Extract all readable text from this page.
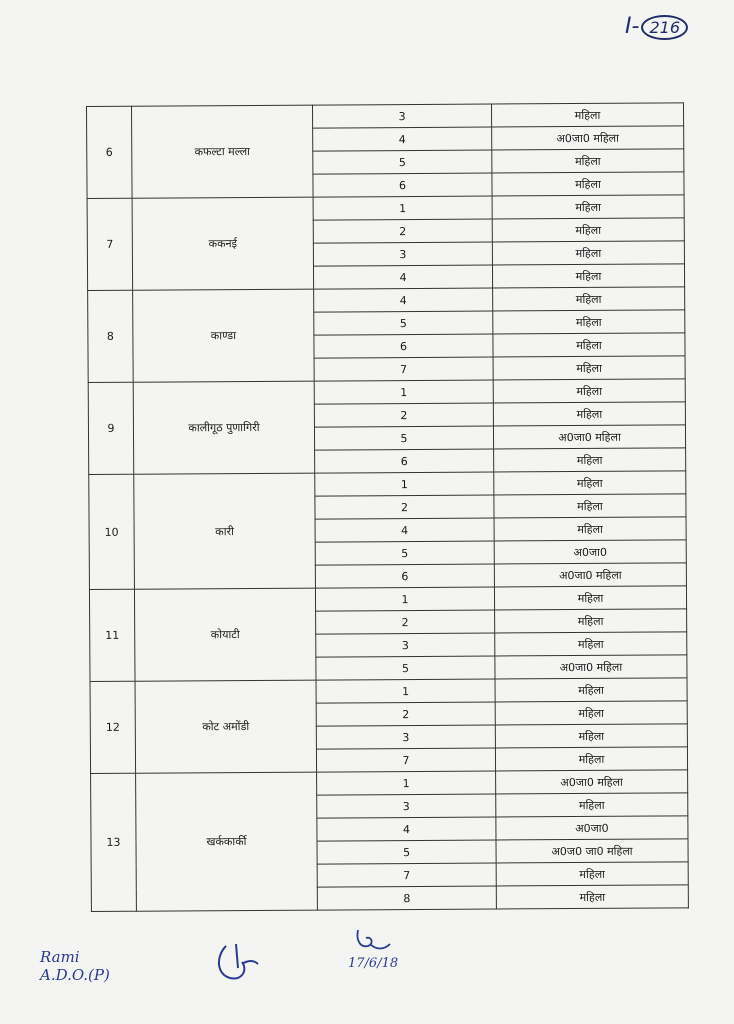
I- 216
6	कफल्टा मल्ला	3	महिला
		4	अ0जा0 महिला
		5	महिला
		6	महिला
7	ककनई	1	महिला
		2	महिला
		3	महिला
		4	महिला
8	काण्डा	4	महिला
		5	महिला
		6	महिला
		7	महिला
9	कालीगूठ पुणागिरी	1	महिला
		2	महिला
		5	अ0जा0 महिला
		6	महिला
10	कारी	1	महिला
		2	महिला
		4	महिला
		5	अ0जा0
		6	अ0जा0 महिला
11	कोयाटी	1	महिला
		2	महिला
		3	महिला
		5	अ0जा0 महिला
12	कोट अमोंडी	1	महिला
		2	महिला
		3	महिला
		7	महिला
13	खर्ककार्की	1	अ0जा0 महिला
		3	महिला
		4	अ0जा0
		5	अ0ज0 जा0 महिला
		7	महिला
		8	महिला
Rami
A.D.O.(P)
17/6/18
